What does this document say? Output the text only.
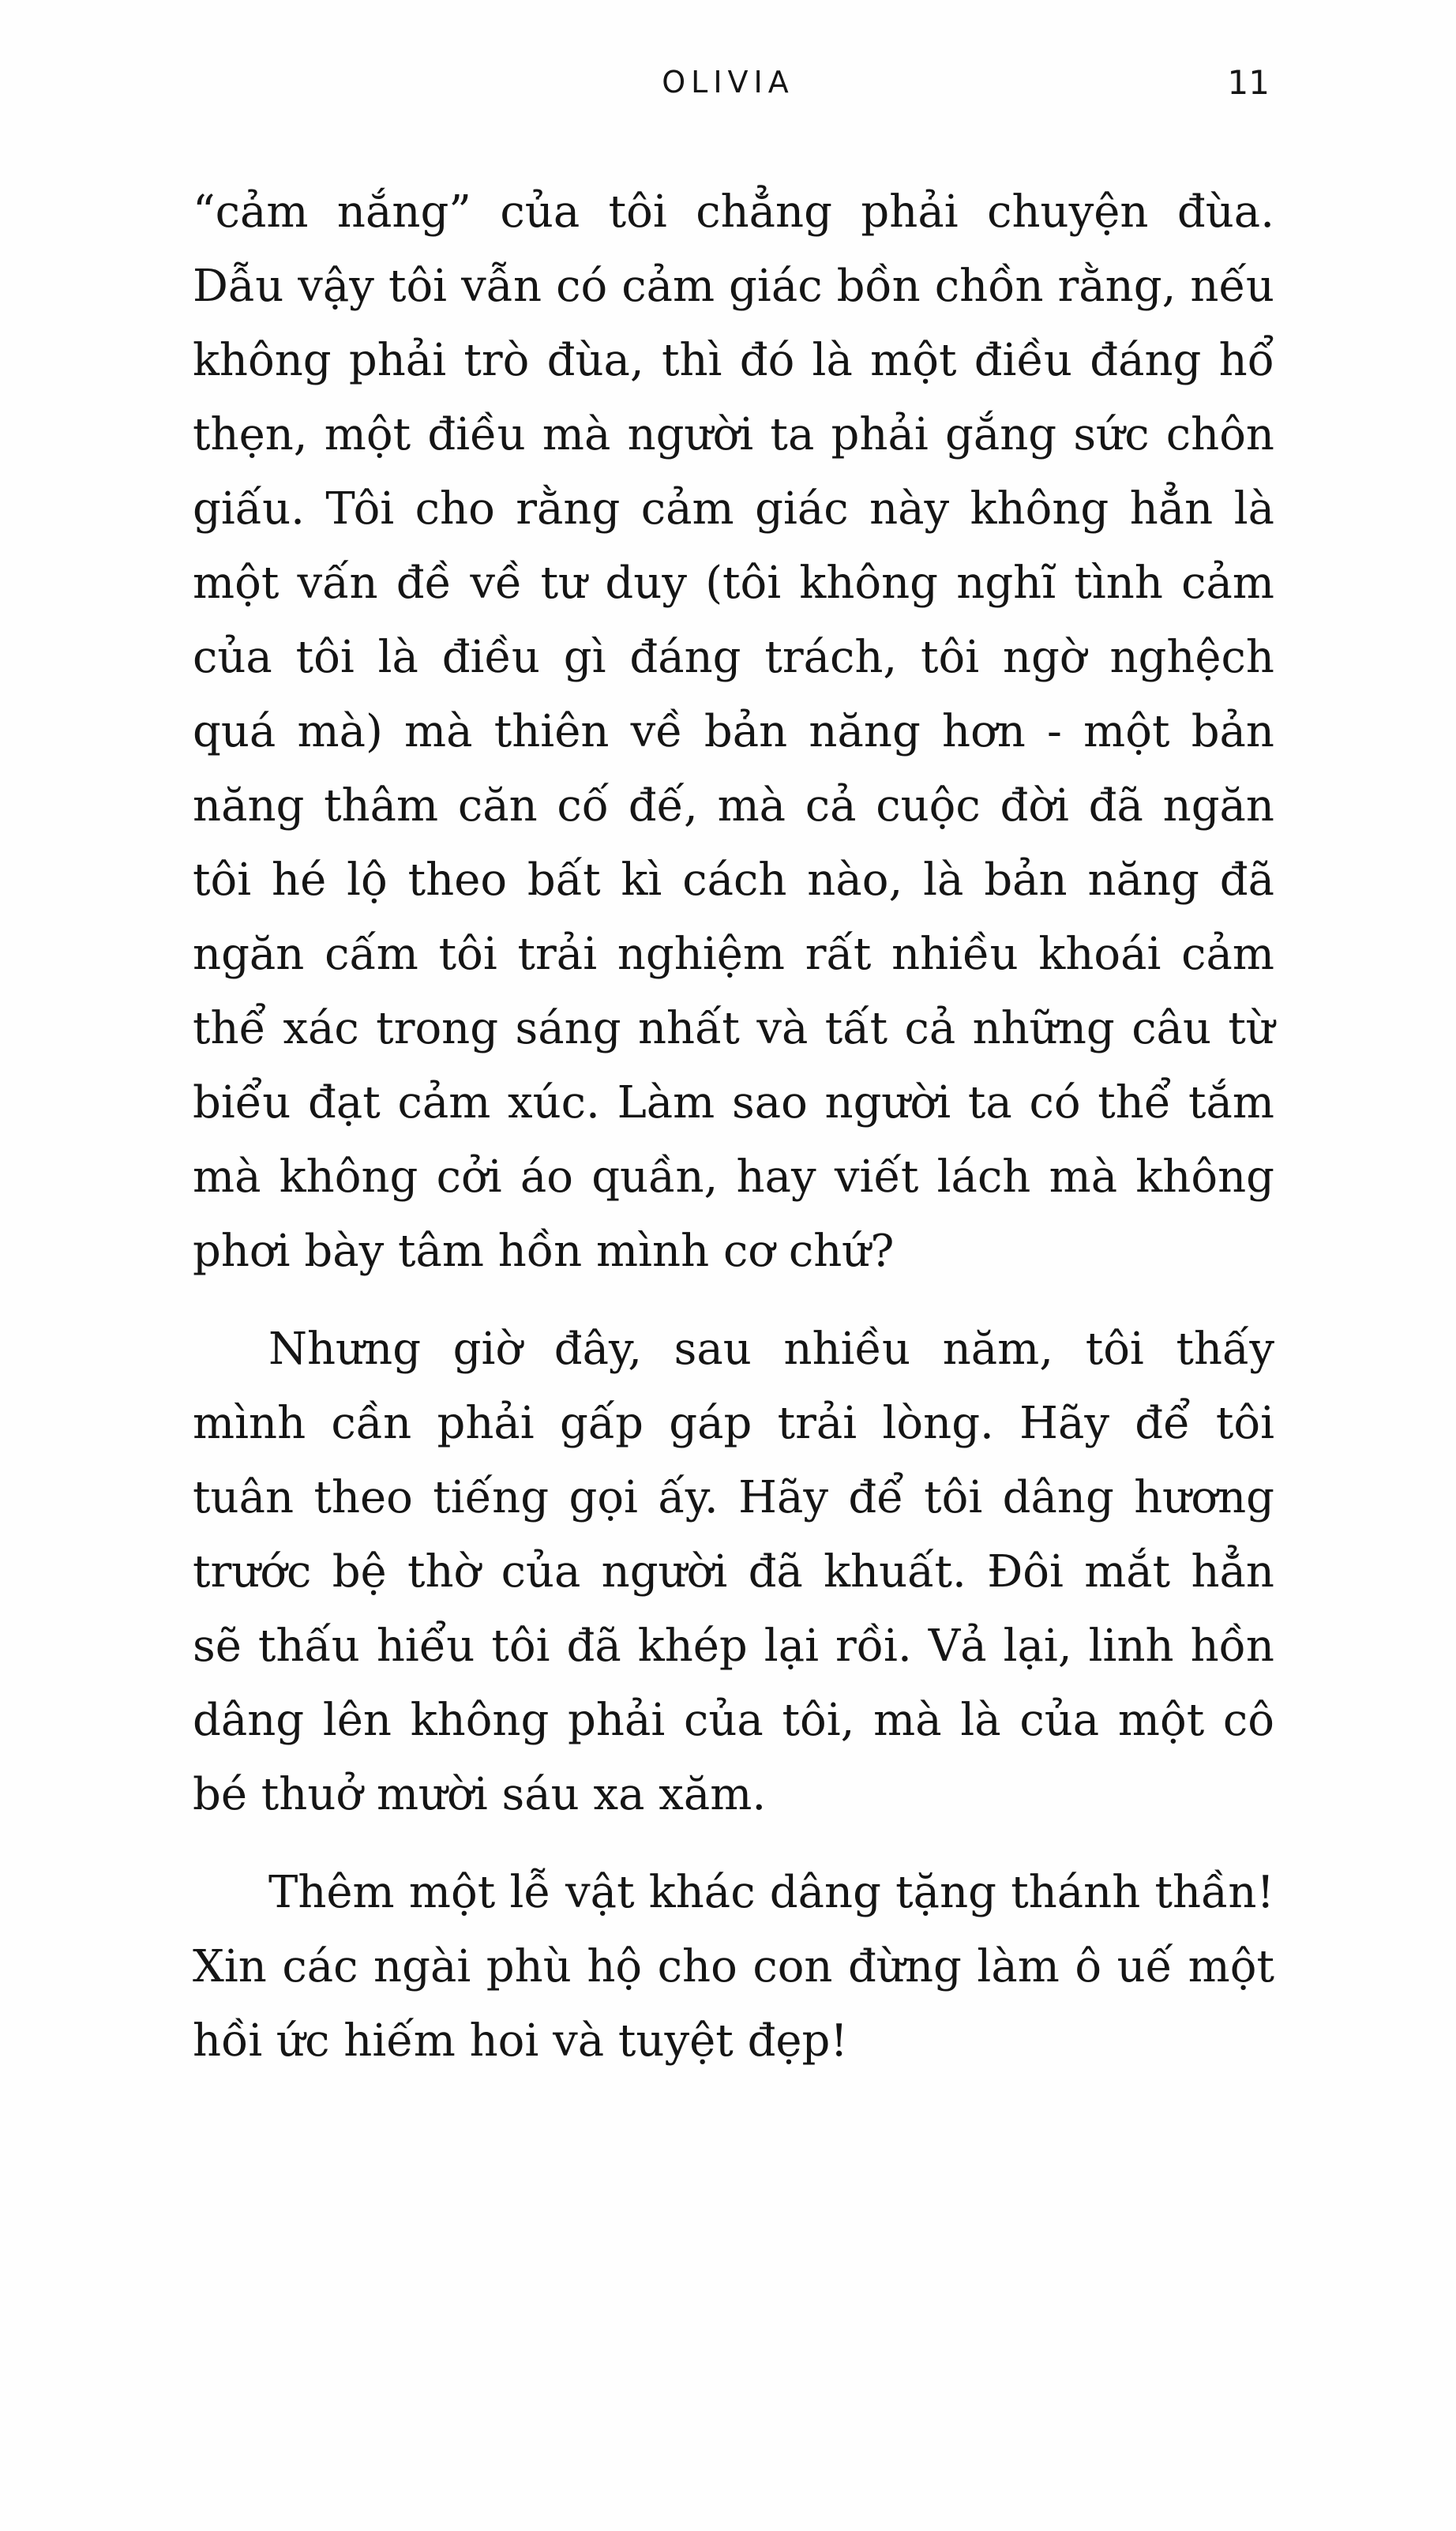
OLIVIA	11

“cảm nắng” của tôi chẳng phải chuyện đùa. Dẫu vậy tôi vẫn có cảm giác bồn chồn rằng, nếu không phải trò đùa, thì đó là một điều đáng hổ thẹn, một điều mà người ta phải gắng sức chôn giấu. Tôi cho rằng cảm giác này không hẳn là một vấn đề về tư duy (tôi không nghĩ tình cảm của tôi là điều gì đáng trách, tôi ngờ nghệch quá mà) mà thiên về bản năng hơn - một bản năng thâm căn cố đế, mà cả cuộc đời đã ngăn tôi hé lộ theo bất kì cách nào, là bản năng đã ngăn cấm tôi trải nghiệm rất nhiều khoái cảm thể xác trong sáng nhất và tất cả những câu từ biểu đạt cảm xúc. Làm sao người ta có thể tắm mà không cởi áo quần, hay viết lách mà không phơi bày tâm hồn mình cơ chứ?

Nhưng giờ đây, sau nhiều năm, tôi thấy mình cần phải gấp gáp trải lòng. Hãy để tôi tuân theo tiếng gọi ấy. Hãy để tôi dâng hương trước bệ thờ của người đã khuất. Đôi mắt hẳn sẽ thấu hiểu tôi đã khép lại rồi. Vả lại, linh hồn dâng lên không phải của tôi, mà là của một cô bé thuở mười sáu xa xăm.

Thêm một lễ vật khác dâng tặng thánh thần! Xin các ngài phù hộ cho con đừng làm ô uế một hồi ức hiếm hoi và tuyệt đẹp!
